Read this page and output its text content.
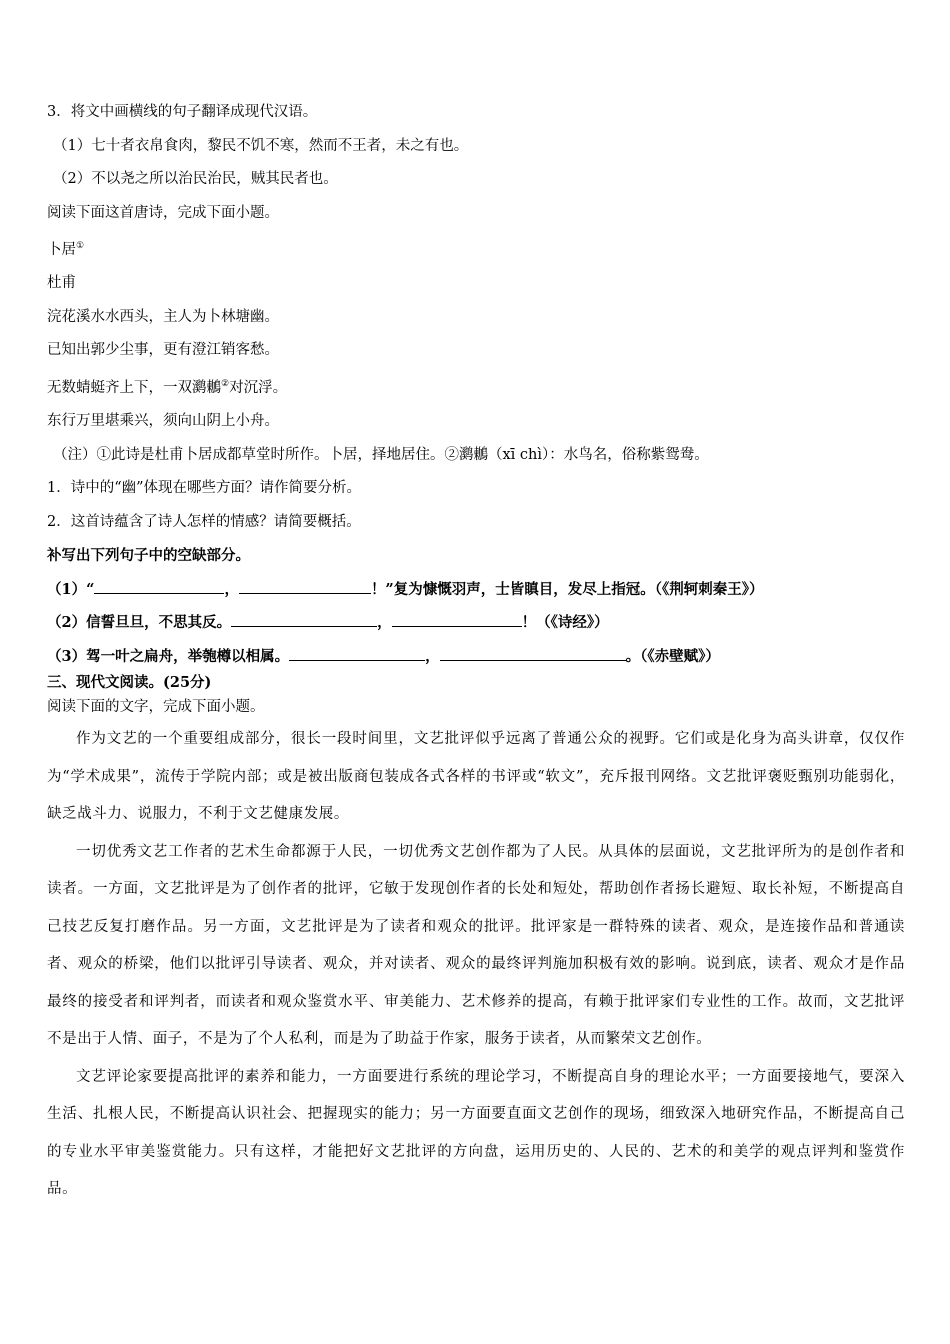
3．将文中画横线的句子翻译成现代汉语。
（1）七十者衣帛食肉，黎民不饥不寒，然而不王者，未之有也。
（2）不以尧之所以治民治民，贼其民者也。
阅读下面这首唐诗，完成下面小题。
卜居①
杜甫
浣花溪水水西头，主人为卜林塘幽。
已知出郭少尘事，更有澄江销客愁。
无数蜻蜓齐上下，一双㶉鶒②对沉浮。
东行万里堪乘兴，须向山阴上小舟。
（注）①此诗是杜甫卜居成都草堂时所作。卜居，择地居住。②㶉鶒（xī chì）：水鸟名，俗称紫鸳鸯。
1．诗中的“幽”体现在哪些方面？请作简要分析。
2．这首诗蕴含了诗人怎样的情感？请简要概括。
补写出下列句子中的空缺部分。
（1）“	，	！”复为慷慨羽声，士皆瞋目，发尽上指冠。（《荆轲刺秦王》）
（2）信誓旦旦，不思其反。	，	！（《诗经》）
（3）驾一叶之扁舟，举匏樽以相属。	，	。（《赤壁赋》）
三、现代文阅读。(25分)
阅读下面的文字，完成下面小题。

作为文艺的一个重要组成部分，很长一段时间里，文艺批评似乎远离了普通公众的视野。它们或是化身为高头讲章，仅仅作为“学术成果”，流传于学院内部；或是被出版商包装成各式各样的书评或“软文”，充斥报刊网络。文艺批评褒贬甄别功能弱化，缺乏战斗力、说服力，不利于文艺健康发展。

一切优秀文艺工作者的艺术生命都源于人民，一切优秀文艺创作都为了人民。从具体的层面说，文艺批评所为的是创作者和读者。一方面，文艺批评是为了创作者的批评，它敏于发现创作者的长处和短处，帮助创作者扬长避短、取长补短，不断提高自己技艺反复打磨作品。另一方面，文艺批评是为了读者和观众的批评。批评家是一群特殊的读者、观众，是连接作品和普通读者、观众的桥梁，他们以批评引导读者、观众，并对读者、观众的最终评判施加积极有效的影响。说到底，读者、观众才是作品最终的接受者和评判者，而读者和观众鉴赏水平、审美能力、艺术修养的提高，有赖于批评家们专业性的工作。故而，文艺批评不是出于人情、面子，不是为了个人私利，而是为了助益于作家，服务于读者，从而繁荣文艺创作。

文艺评论家要提高批评的素养和能力，一方面要进行系统的理论学习，不断提高自身的理论水平；一方面要接地气，要深入生活、扎根人民，不断提高认识社会、把握现实的能力；另一方面要直面文艺创作的现场，细致深入地研究作品，不断提高自己的专业水平审美鉴赏能力。只有这样，才能把好文艺批评的方向盘，运用历史的、人民的、艺术的和美学的观点评判和鉴赏作品。
